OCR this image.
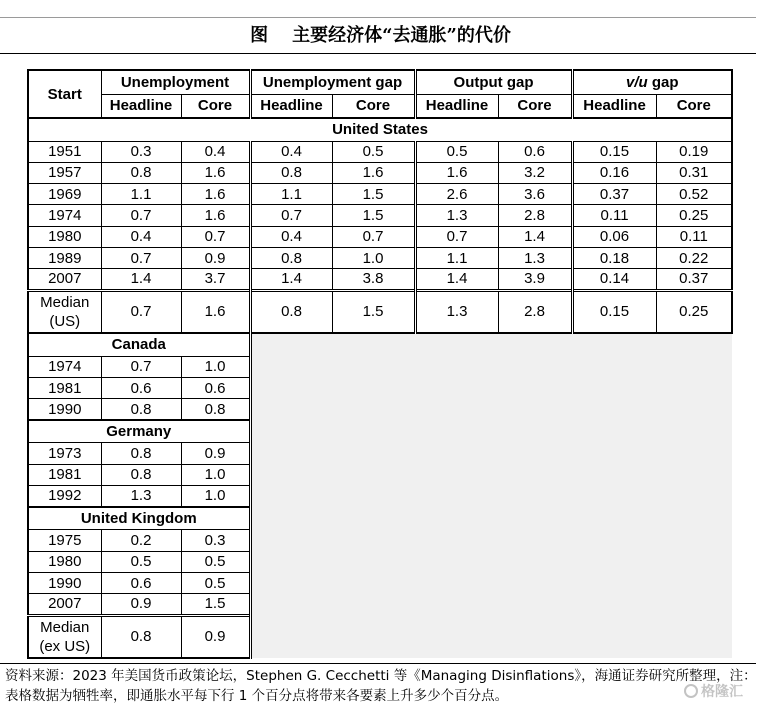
图 主要经济体“去通胀”的代价
Start	Unemployment		Unemployment gap		Output gap		v/u gap	
	Headline	Core	Headline	Core	Headline	Core	Headline	Core
United States								
1951	0.3	0.4	0.4	0.5	0.5	0.6	0.15	0.19
1957	0.8	1.6	0.8	1.6	1.6	3.2	0.16	0.31
1969	1.1	1.6	1.1	1.5	2.6	3.6	0.37	0.52
1974	0.7	1.6	0.7	1.5	1.3	2.8	0.11	0.25
1980	0.4	0.7	0.4	0.7	0.7	1.4	0.06	0.11
1989	0.7	0.9	0.8	1.0	1.1	1.3	0.18	0.22
2007	1.4	3.7	1.4	3.8	1.4	3.9	0.14	0.37
Median
(US)	0.7	1.6	0.8	1.5	1.3	2.8	0.15	0.25
Canada								
1974	0.7	1.0						
1981	0.6	0.6						
1990	0.8	0.8						
Germany								
1973	0.8	0.9						
1981	0.8	1.0						
1992	1.3	1.0						
United Kingdom								
1975	0.2	0.3						
1980	0.5	0.5						
1990	0.6	0.5						
2007	0.9	1.5						
Median
(ex US)	0.8	0.9						
资料来源：2023 年美国货币政策论坛，Stephen G. Cecchetti 等《Managing Disinflations》，海通证券研究所整理，注：表格数据为牺牲率，即通胀水平每下行 1 个百分点将带来各要素上升多少个百分点。	格隆汇
